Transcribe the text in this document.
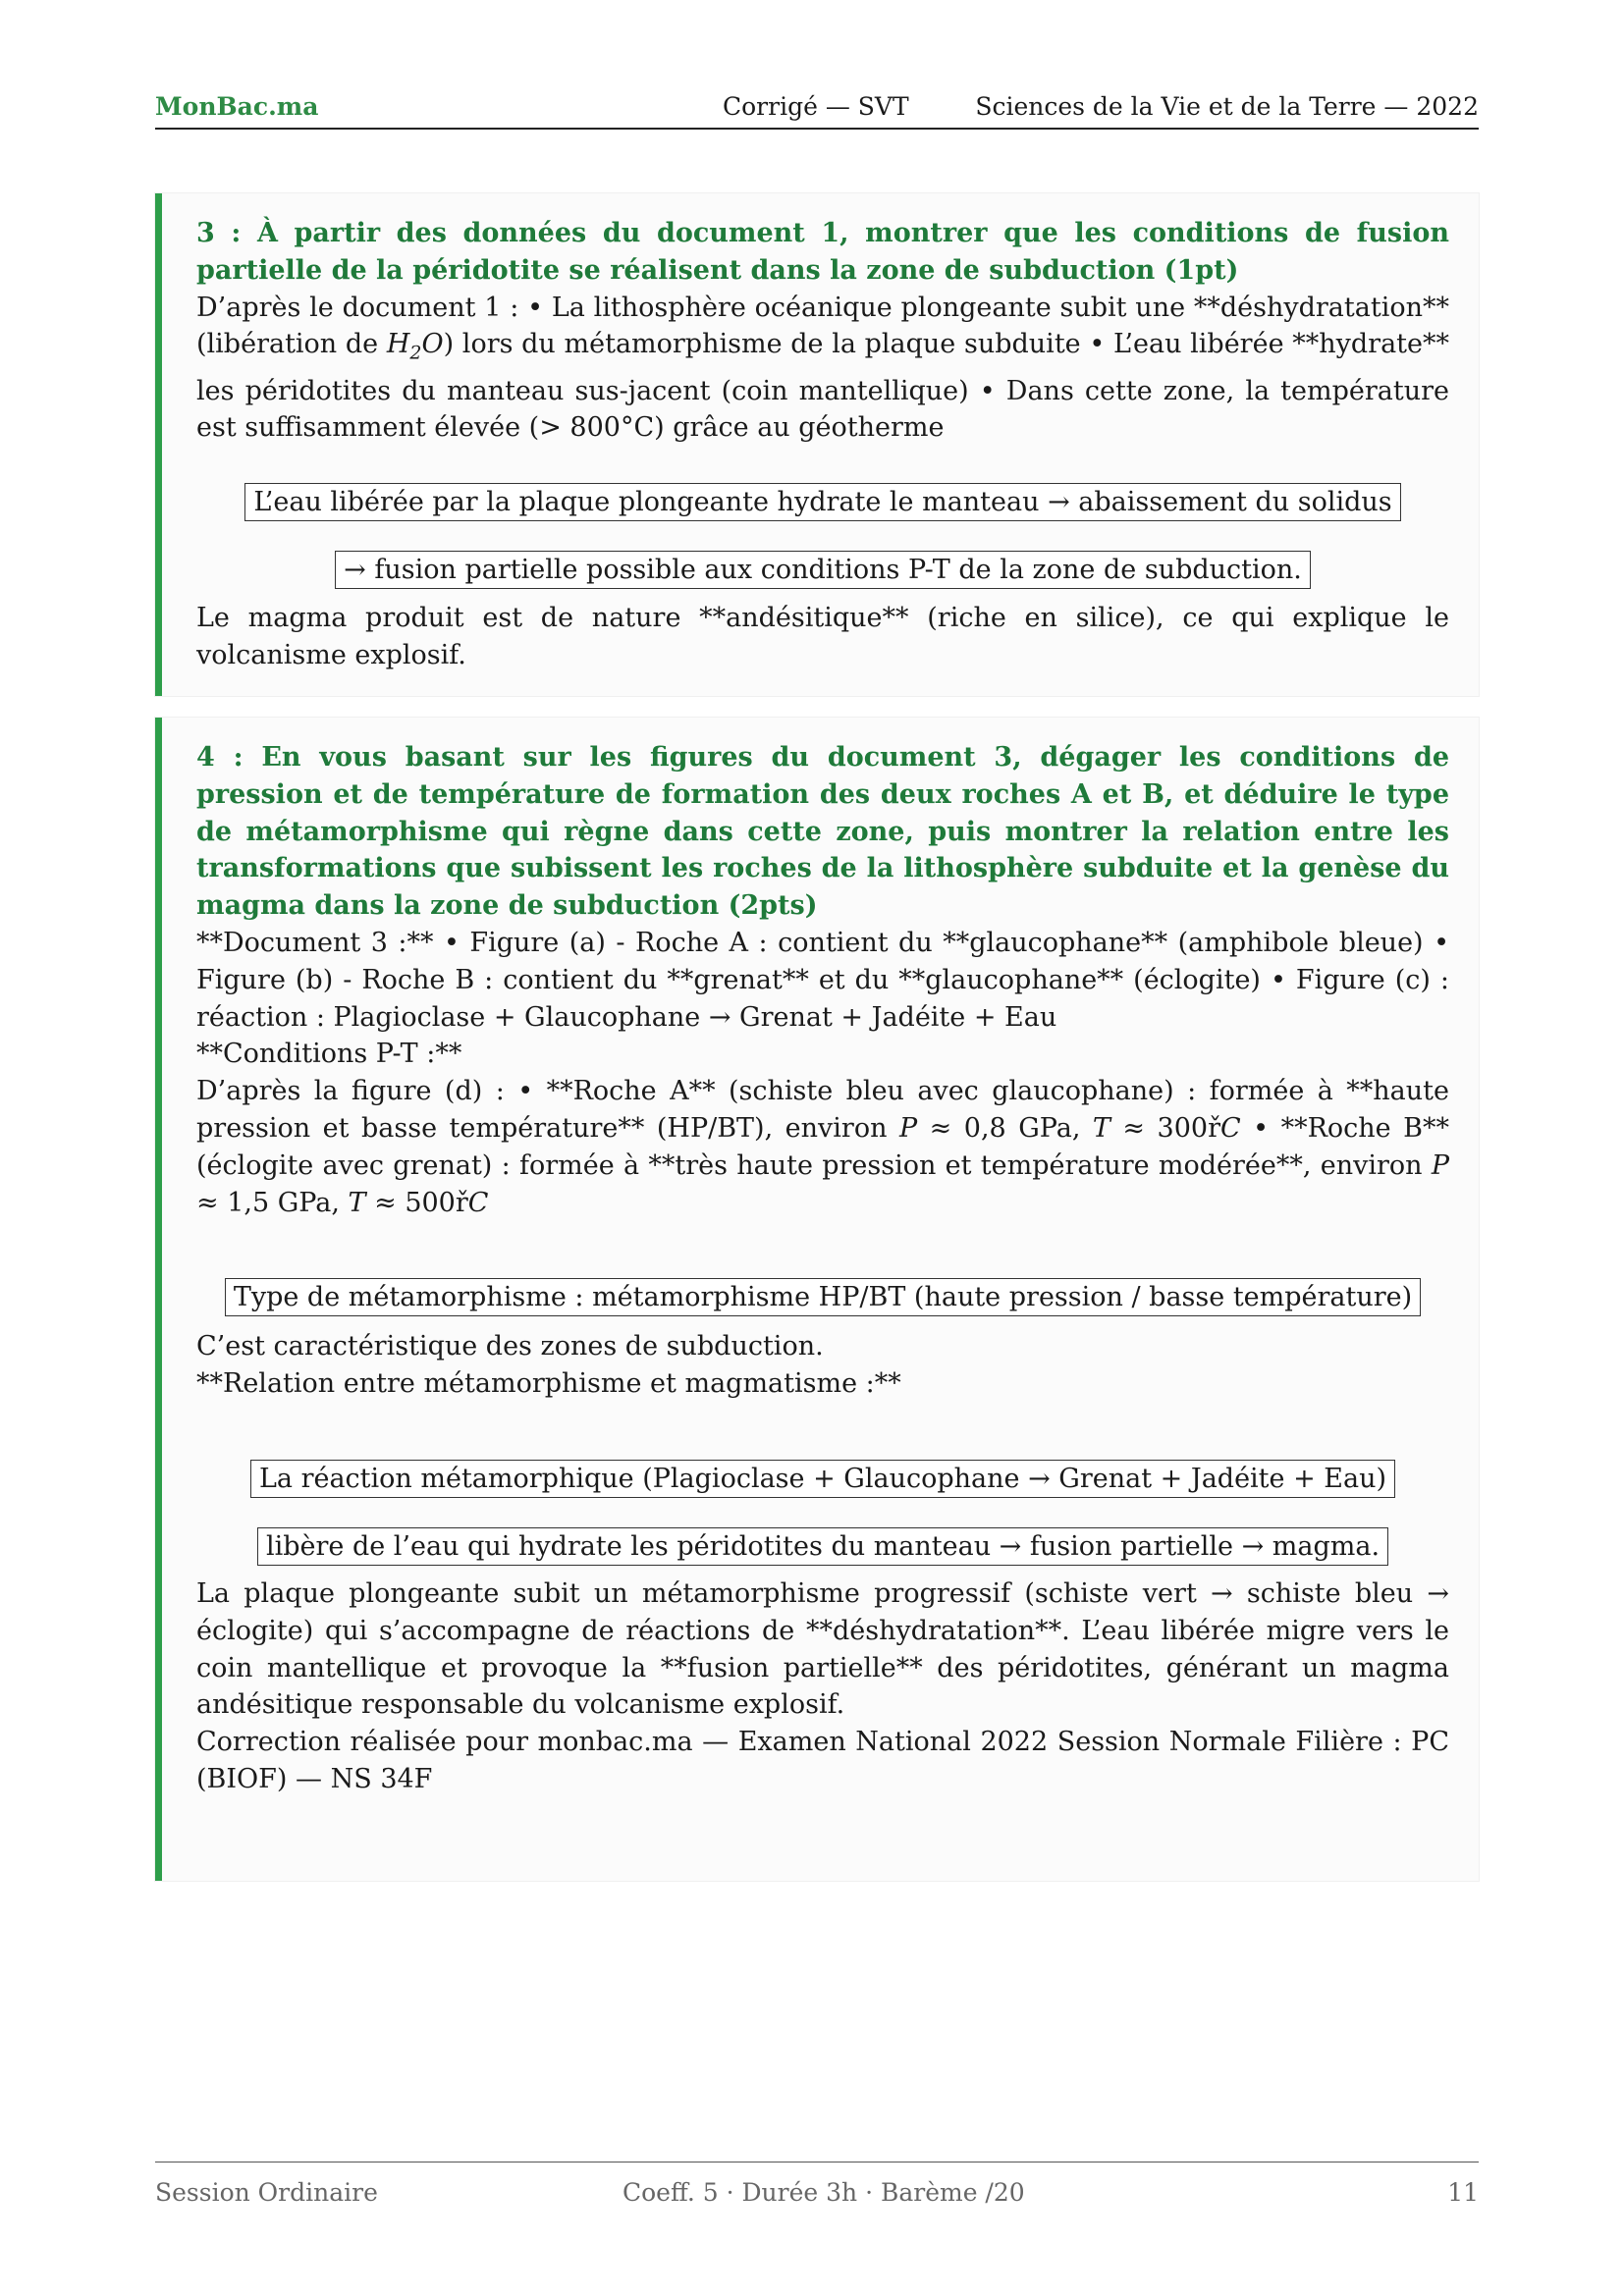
MonBac.ma	Corrigé — SVT	Sciences de la Vie et de la Terre — 2022
3 : À partir des données du document 1, montrer que les conditions de fusion partielle de la péridotite se réalisent dans la zone de subduction (1pt)
D’après le document 1 : • La lithosphère océanique plongeante subit une **déshydratation** (libération de $H_2O$) lors du métamorphisme de la plaque subduite • L’eau libérée **hydrate** les péridotites du manteau sus-jacent (coin mantellique) • Dans cette zone, la température est suffisamment élevée (> 800°C) grâce au géotherme
L’eau libérée par la plaque plongeante hydrate le manteau → abaissement du solidus
→ fusion partielle possible aux conditions P-T de la zone de subduction.
Le magma produit est de nature **andésitique** (riche en silice), ce qui explique le volcanisme explosif.
4 : En vous basant sur les figures du document 3, dégager les conditions de pression et de température de formation des deux roches A et B, et déduire le type de métamorphisme qui règne dans cette zone, puis montrer la relation entre les transformations que subissent les roches de la lithosphère subduite et la genèse du magma dans la zone de subduction (2pts)
**Document 3 :** • Figure (a) - Roche A : contient du **glaucophane** (amphibole bleue) • Figure (b) - Roche B : contient du **grenat** et du **glaucophane** (éclogite) • Figure (c) : réaction : Plagioclase + Glaucophane → Grenat + Jadéite + Eau
**Conditions P-T :**
D’après la figure (d) : • **Roche A** (schiste bleu avec glaucophane) : formée à **haute pression et basse température** (HP/BT), environ P ≈ 0,8 GPa, T ≈ 300řC • **Roche B** (éclogite avec grenat) : formée à **très haute pression et température modérée**, environ P ≈ 1,5 GPa, T ≈ 500řC
Type de métamorphisme : métamorphisme HP/BT (haute pression / basse température)
C’est caractéristique des zones de subduction.
**Relation entre métamorphisme et magmatisme :**
La réaction métamorphique (Plagioclase + Glaucophane → Grenat + Jadéite + Eau)
libère de l’eau qui hydrate les péridotites du manteau → fusion partielle → magma.
La plaque plongeante subit un métamorphisme progressif (schiste vert → schiste bleu → éclogite) qui s’accompagne de réactions de **déshydratation**. L’eau libérée migre vers le coin mantellique et provoque la **fusion partielle** des péridotites, générant un magma andésitique responsable du volcanisme explosif.
Correction réalisée pour monbac.ma — Examen National 2022 Session Normale Filière : PC (BIOF) — NS 34F
Session Ordinaire	Coeff. 5 · Durée 3h · Barème /20	11
